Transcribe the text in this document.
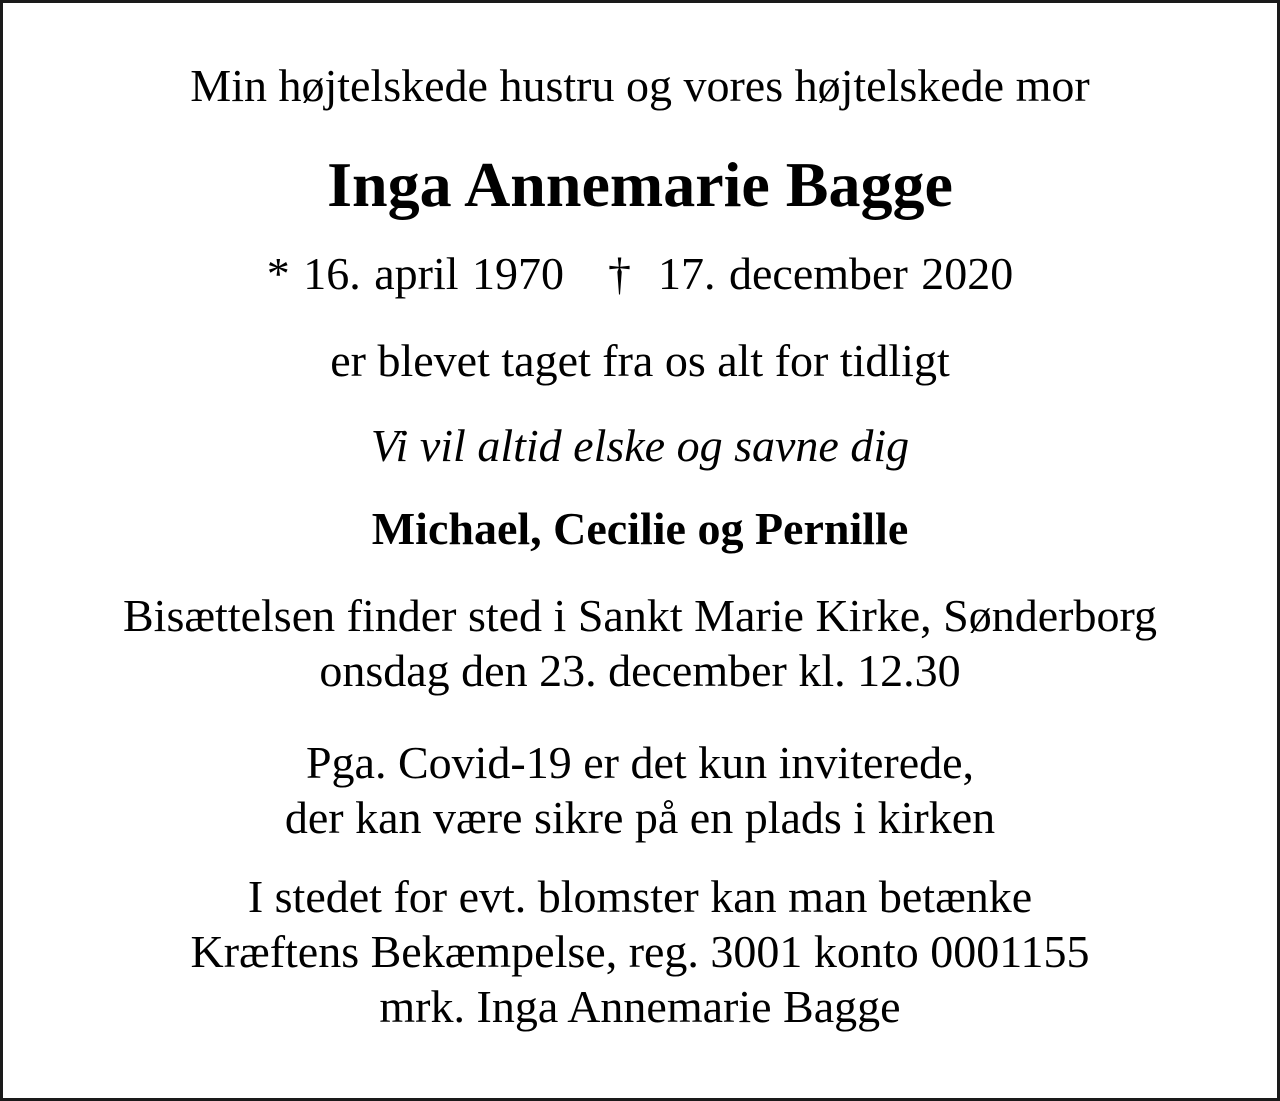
Min højtelskede hustru og vores højtelskede mor
Inga Annemarie Bagge
* 16. april 1970 †  17. december 2020
er blevet taget fra os alt for tidligt
Vi vil altid elske og savne dig
Michael, Cecilie og Pernille
Bisættelsen finder sted i Sankt Marie Kirke, Sønderborg
onsdag den 23. december kl. 12.30
Pga. Covid-19 er det kun inviterede,
der kan være sikre på en plads i kirken
I stedet for evt. blomster kan man betænke
Kræftens Bekæmpelse, reg. 3001 konto 0001155
mrk. Inga Annemarie Bagge
